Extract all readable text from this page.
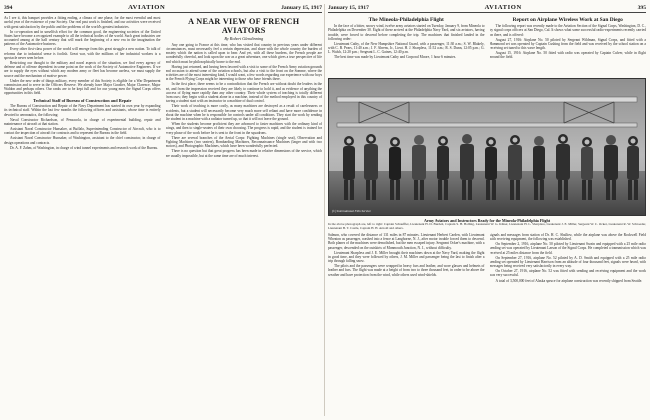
394	AVIATION	January 15, 1917

As I see it, this banquet provides a fitting ending, a climax of one phase, for the most eventful and most useful year of the existence of your Society. Our real past work is finished, and our activities were received with great satisfaction by the public and the problems of the world's greatest industries.

In co-operation and in unselfish effort for the common good, the engineering societies of the United States have become a recognized example to all the technical bodies of the world. Such great industries are accounted among at the half century that will mark the beginning of a new era in the imagination the patterns of the Automotive business.

Every other first-class power of the world will emerge from this great struggle a new nation. To talk of reforms due to industrial sense is foolish. Great war, with the millions of her industrial workers is a spectacle never seen before.

Restricting our thought to the military and naval aspects of the situation, we find every agency of defense and of offense dependent in some point on the work of the Society of Automotive Engineers. If we are to supply the eyes without which any modern army or fleet has become useless, we must supply the source and the mechanism of motive power.

Under the new order of things military, every member of this Society is eligible for a War Department commission and to serve in the Officers Reserve. We already have Major Goodier, Major Clarence, Major Waldon and perhaps others. Our ranks are to be kept full and for our young men the Signal Corps offers opportunities in this field.

Technical Staff of Bureau of Construction and Repair

The Bureau of Construction and Repair of the Navy Department has started its own year by expanding its technical staff. Within the last few months the following officers and assistants, whose time is entirely devoted to aeronautics, the following:

Naval Constructor Richardson, of Pensacola, in charge of experimental building, repair and maintenance of aircraft at that station.

Assistant Naval Constructor Hunsaker, at Buffalo, Superintending Constructor of Aircraft, who is to contact the inspection of aircraft for contracts and to represent the Bureau in the field.

Assistant Naval Constructor Hunsaker, of Washington, assistant to the chief constructor, in charge of design operations and contracts.

Dr. A. F. Zahm, of Washington, in charge of wind tunnel experiments and research work of the Bureau.

A NEAR VIEW OF FRENCH AVIATORS
By Robert Glendinning

Any one going to France at this time, who has visited that country in previous years under different circumstances, must necessarily feel a certain depression, and share with the whole country the burden of anxiety which the nation is called upon to bear. And yet, with all these burdens, the French people are wonderfully cheerful, and look upon the war as a great adventure, one which gives a true perspective of life and which must be philosophically borne to the end.

Having just returned, and having been favored with a visit to some of the French Army aviation grounds and occasion to attend some of the aviation schools, but also a visit to the front on the Somme, where the activities are of the most interesting kind, I would want, a few words regarding our experience with our boys in the French Flying Corps might be interesting to those who have friends there.

In the first place, there seems to be a contradiction that the French are without doubt the leaders in the art, and from the impression received they are likely to continue to hold it, and as evidence of anything the success of flying more rapidly than any other country. Their whole system of teaching is totally different from ours; they begin with a student alone in a machine, instead of the method employed in this country of having a student start with an instructor in a machine of dual control.

Their work of teaching is more costly, as many machines are destroyed as a result of carelessness or accidents, but a student will necessarily become very much more self reliant and have more confidence in about the machine when he is responsible for controls under all conditions. They start the work by sending the student in a machine with a radiator turned up, so that it will not leave the ground.

When the students become proficient they are advanced to faster machines with the ordinary kind of wings, and then to single-seaters of their own choosing. The progress is rapid, and the student is trained for every phase of the work before he is sent to the front in the squadrons.

There are several branches of the Aerial Corps: Fighting Machines (single seat), Observation and Fighting Machines (two seaters), Bombarding Machines, Reconnaissance Machines (larger and with two motors), and Photographic Machines, which have been wonderfully perfected.

There is no question but that great progress has been made in relative dimensions of the service, which are usually impossible, but at the same time are of much interest.

January 15, 1917	AVIATION	395
The Mineola-Philadelphia Flight

In the face of a bitter, snowy wind, twelve army aviators started on Tuesday, January 9, from Mineola to Philadelphia on December 30. Eight of these arrived at the Philadelphia Navy Yard, and six aviators, having trouble, were forced to descend before completing the trip. The machines that finished landed in the following order:

Lieutenant Cathy, of the New Hampshire National Guard, with a passenger, 11:30 a.m.; S. W. Blakely, with C. B. Pears, 11:40 a.m.; J. F. Ahrens, Jr., Lieut. H. J. Sharpless, 11:52 a.m.; R. S. Dunn, 12:05 p.m.; G. L. Walsh, 12:20 p.m.; Sergeant L. C. Gaines, 12:40 p.m.

The best time was made by Lieutenant Cathy and Corporal Moore, 1 hour 6 minutes.

Report on Airplane Wireless Work at San Diego

The following report was recently made to the Aviation Section of the Signal Corps, Washington, D. C., by signal corps officers at San Diego, Cal. It shows what some successful radio-experiments recently carried on there, and is offered:

August 27, 1916: Airplane No. 50 piloted by Sergeant Wildman, Signal Corps, and fitted with a Hammond set was operated by Captain Cushing from the field and was received by the school station on a receiving set tuned to this wave length.

August 15, 1916: Airplane No. 50 fitted with radio was operated by Captain Culver, while in flight around the field.

(C) International Film Service
Army Aviators and Instructors Ready for the Mineola-Philadelphia Flight

In the above photograph are, left to right: Captain Schauffler, Lieutenant H. D. Burdett, Captain S. H. Bolling, Lieutenant W. G. Kilner, Lieutenant H. L. Sharpless, Lieutenant J. E. Miller, Sergeant W. C. Ocker, Lieutenant R. W. Schroeder, Lieutenant B. T. Castle, Captain H. H. Arnold and others.

Salmon, who covered the distance of 131 miles in 87 minutes. Lieutenant Herbert Carden, with Lieutenant Wheaton as passenger, crashed into a fence at Langhorne, N. J., after motor trouble forced them to descend. Both planes of the machines were demolished, but the men escaped injury. Sergeant Ocker's machine, with a passenger, descended on the outskirts of Monmouth Junction, N. J., without difficulty.

Lieutenant Sharpless and J. E. Miller brought their machines down at the Navy Yard, making the flight in good time, and they were followed by others, J. M. Miller and passenger being the last to finish after a trip through falling snow.

The pilots and the passengers were wrapped in heavy furs and leather, and wore glasses and helmets of leather and furs. The flight was made at a height of from two to three thousand feet, in order to be above the weather and have protection from the wind, while others used wind-shields.

signals and messages from station of Dr. H. C. Shallow, while the airplane was above the Rockwell Field with receiving equipment, the following was established.

On September 2, 1916, airplane No. 50 piloted by Lieutenant Swain and equipped with a 25 mile radio sending set was operated by Lieutenant Larson of the Signal Corps. He completed a transmission which was received at 25 miles distance from the field.

On September 27, 1916, airplane No. 52 piloted by A. D. Smith and equipped with a 25 mile radio sending set operated by Lieutenant Harrison from an altitude of four thousand feet, signals were heard, with messages being received very satisfactorily in every way.

On October 27, 1916, airplane No. 52 was fitted with sending and receiving equipment and the work was very successful.

A total of 3,500,000 feet of Alaska spruce for airplane construction was recently shipped from Seattle.
